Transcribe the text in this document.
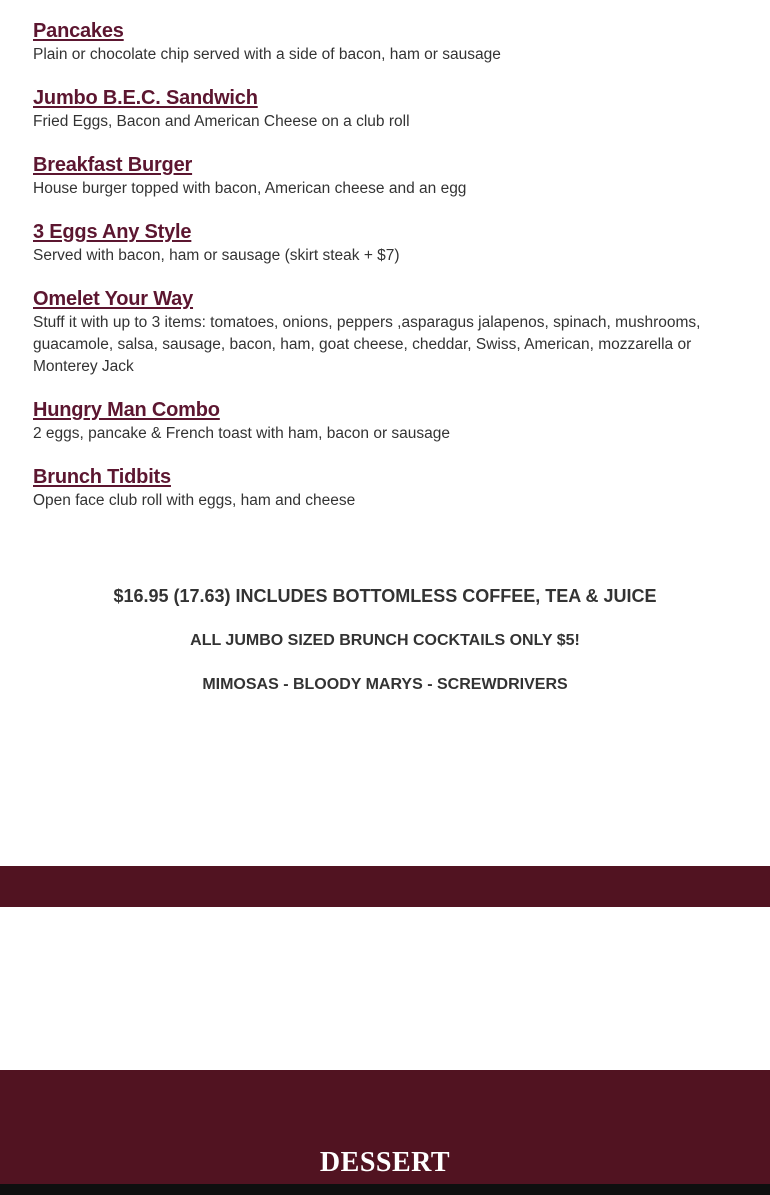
Pancakes

Plain or chocolate chip served with a side of bacon, ham or sausage

Jumbo B.E.C. Sandwich

Fried Eggs, Bacon and American Cheese on a club roll

Breakfast Burger

House burger topped with bacon, American cheese and an egg

3 Eggs Any Style

Served with bacon, ham or sausage (skirt steak + $7)

Omelet Your Way

Stuff it with up to 3 items: tomatoes, onions, peppers ,asparagus jalapenos, spinach, mushrooms, guacamole, salsa, sausage, bacon, ham, goat cheese, cheddar, Swiss, American, mozzarella or Monterey Jack

Hungry Man Combo

2 eggs, pancake & French toast with ham, bacon or sausage

Brunch Tidbits

Open face club roll with eggs, ham and cheese

$16.95 (17.63) INCLUDES BOTTOMLESS COFFEE, TEA & JUICE

ALL JUMBO SIZED BRUNCH COCKTAILS ONLY $5!

MIMOSAS - BLOODY MARYS - SCREWDRIVERS

DESSERT
